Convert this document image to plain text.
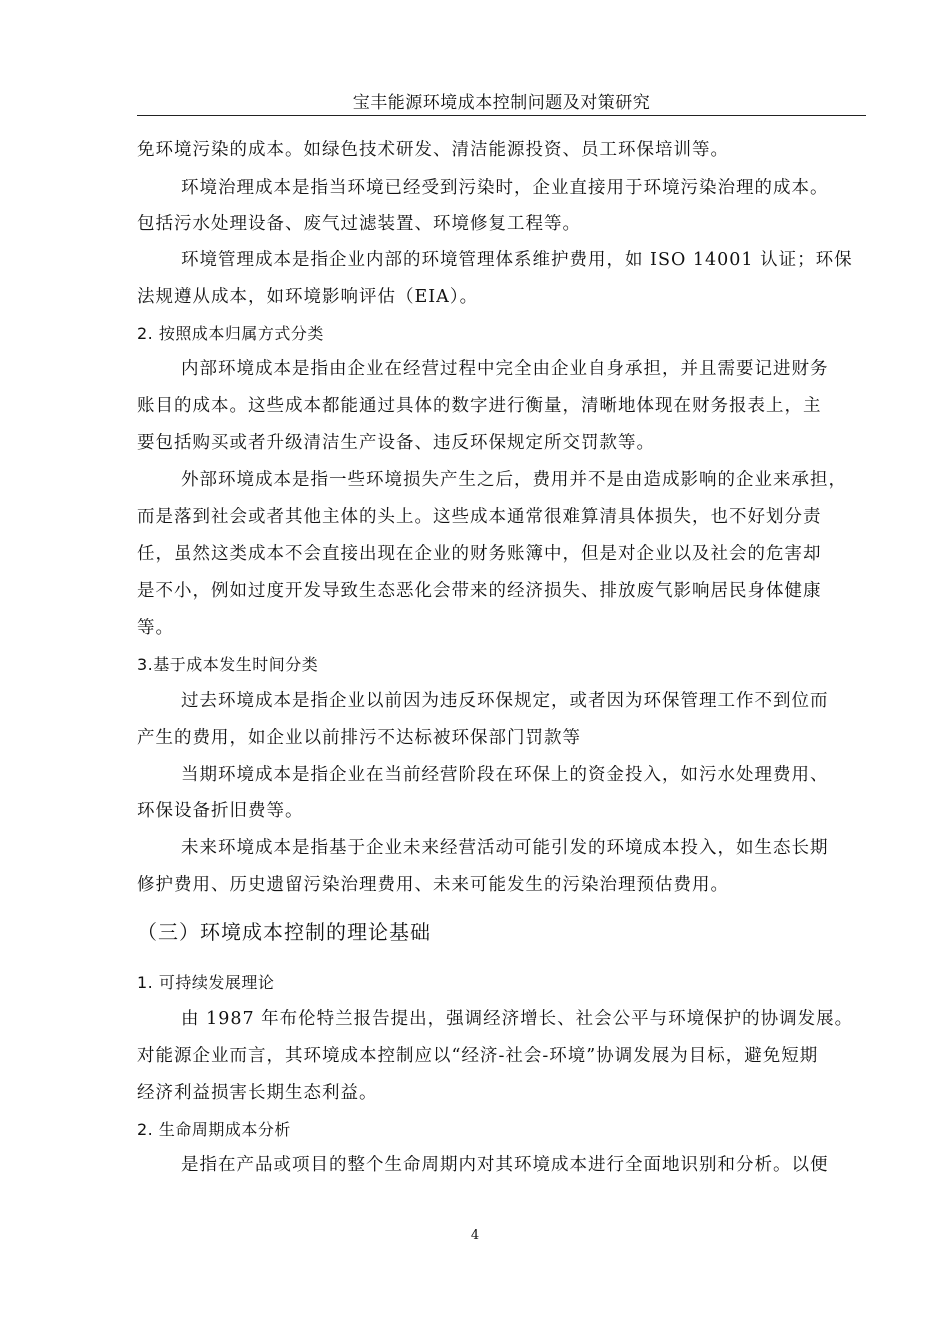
宝丰能源环境成本控制问题及对策研究
免环境污染的成本。如绿色技术研发、清洁能源投资、员工环保培训等。
环境治理成本是指当环境已经受到污染时，企业直接用于环境污染治理的成本。
包括污水处理设备、废气过滤装置、环境修复工程等。
环境管理成本是指企业内部的环境管理体系维护费用，如 ISO 14001 认证；环保
法规遵从成本，如环境影响评估（EIA）。
2. 按照成本归属方式分类
内部环境成本是指由企业在经营过程中完全由企业自身承担，并且需要记进财务
账目的成本。这些成本都能通过具体的数字进行衡量，清晰地体现在财务报表上，主
要包括购买或者升级清洁生产设备、违反环保规定所交罚款等。
外部环境成本是指一些环境损失产生之后，费用并不是由造成影响的企业来承担，
而是落到社会或者其他主体的头上。这些成本通常很难算清具体损失，也不好划分责
任，虽然这类成本不会直接出现在企业的财务账簿中，但是对企业以及社会的危害却
是不小，例如过度开发导致生态恶化会带来的经济损失、排放废气影响居民身体健康
等。
3.基于成本发生时间分类
过去环境成本是指企业以前因为违反环保规定，或者因为环保管理工作不到位而
产生的费用，如企业以前排污不达标被环保部门罚款等
当期环境成本是指企业在当前经营阶段在环保上的资金投入，如污水处理费用、
环保设备折旧费等。
未来环境成本是指基于企业未来经营活动可能引发的环境成本投入，如生态长期
修护费用、历史遗留污染治理费用、未来可能发生的污染治理预估费用。
（三）环境成本控制的理论基础
1. 可持续发展理论
由 1987 年布伦特兰报告提出，强调经济增长、社会公平与环境保护的协调发展。
对能源企业而言，其环境成本控制应以“经济-社会-环境”协调发展为目标，避免短期
经济利益损害长期生态利益。
2. 生命周期成本分析
是指在产品或项目的整个生命周期内对其环境成本进行全面地识别和分析。以便
4
